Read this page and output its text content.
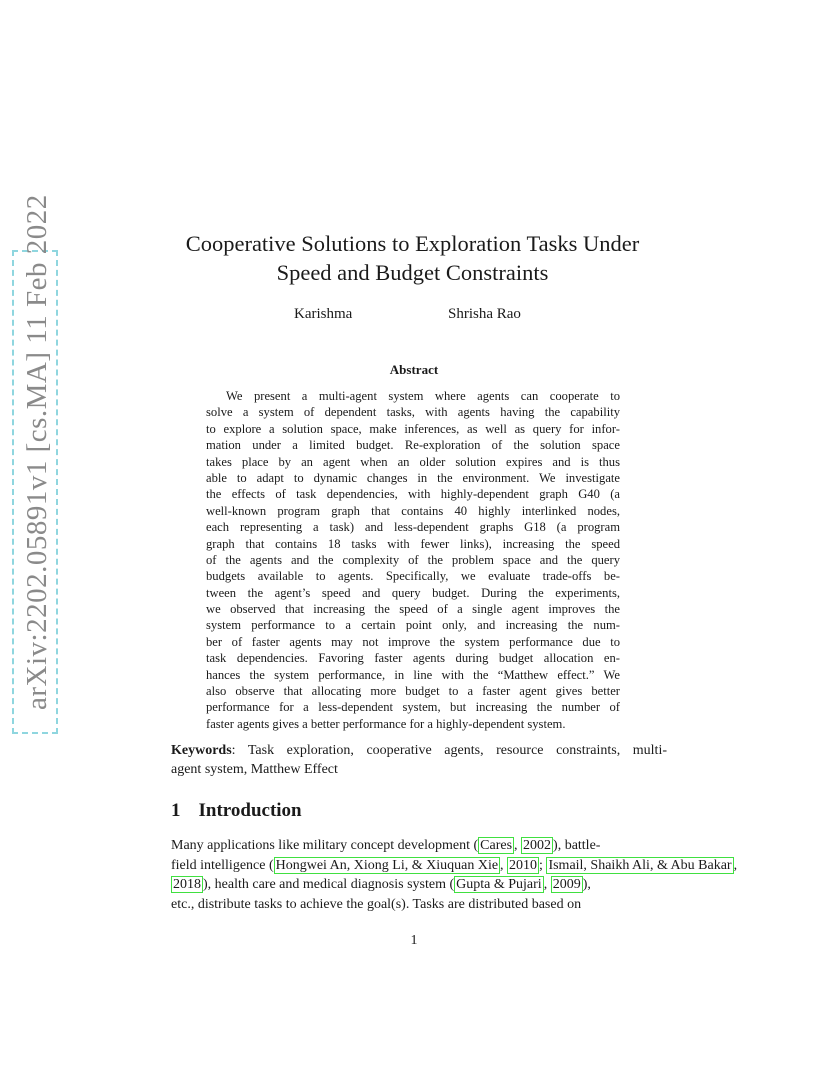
arXiv:2202.05891v1 [cs.MA] 11 Feb 2022	Cooperative Solutions to Exploration Tasks Under
Speed and Budget Constraints
Karishma	Shrisha Rao
Abstract
We present a multi-agent system where agents can cooperate to
solve a system of dependent tasks, with agents having the capability
to explore a solution space, make inferences, as well as query for infor-
mation under a limited budget. Re-exploration of the solution space
takes place by an agent when an older solution expires and is thus
able to adapt to dynamic changes in the environment. We investigate
the effects of task dependencies, with highly-dependent graph G40 (a
well-known program graph that contains 40 highly interlinked nodes,
each representing a task) and less-dependent graphs G18 (a program
graph that contains 18 tasks with fewer links), increasing the speed
of the agents and the complexity of the problem space and the query
budgets available to agents. Specifically, we evaluate trade-offs be-
tween the agent’s speed and query budget. During the experiments,
we observed that increasing the speed of a single agent improves the
system performance to a certain point only, and increasing the num-
ber of faster agents may not improve the system performance due to
task dependencies. Favoring faster agents during budget allocation en-
hances the system performance, in line with the “Matthew effect.” We
also observe that allocating more budget to a faster agent gives better
performance for a less-dependent system, but increasing the number of
faster agents gives a better performance for a highly-dependent system.
Keywords: Task exploration, cooperative agents, resource constraints, multi-
agent system, Matthew Effect
1 Introduction
Many applications like military concept development ( Cares , 2002 ), battle-
field intelligence ( Hongwei An, Xiong Li, & Xiuquan Xie , 2010 ; Ismail, Shaikh Ali, & Abu Bakar ,
2018 ), health care and medical diagnosis system ( Gupta & Pujari , 2009 ),
etc., distribute tasks to achieve the goal(s). Tasks are distributed based on
1
